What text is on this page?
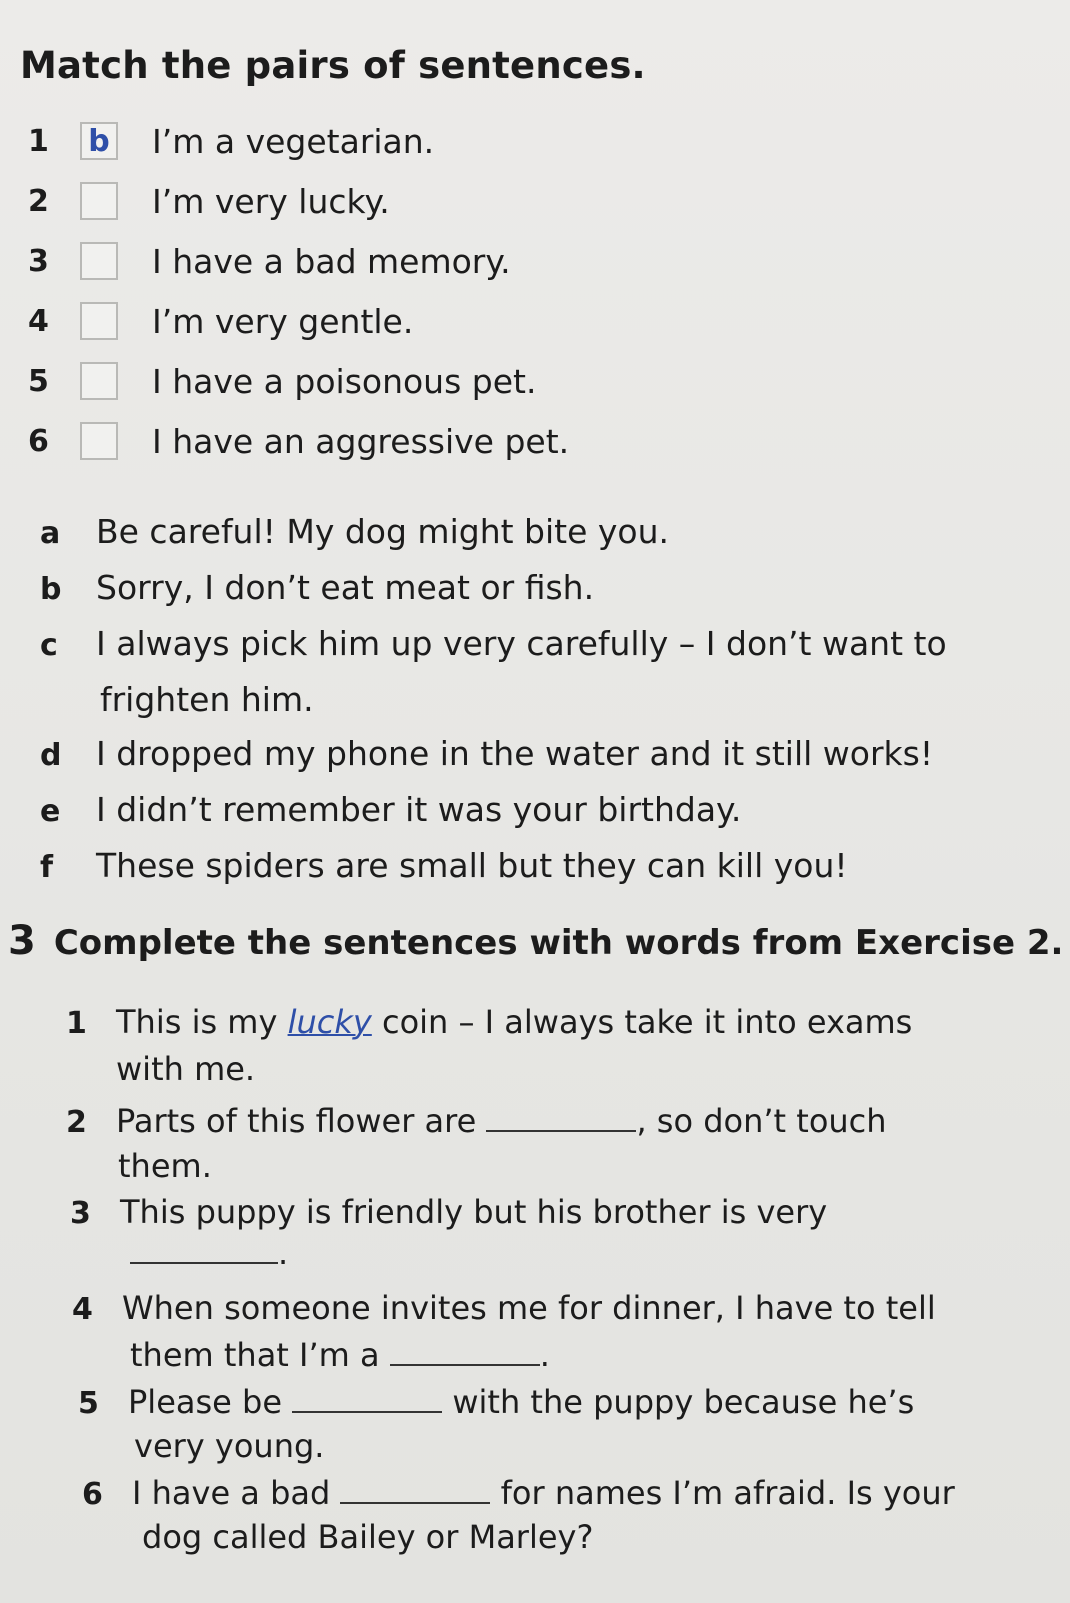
Match the pairs of sentences.
1	b I’m a vegetarian.
2	I’m very lucky.
3	I have a bad memory.
4	I’m very gentle.
5	I have a poisonous pet.
6	I have an aggressive pet.
a Be careful! My dog might bite you.
b Sorry, I don’t eat meat or fish.
c I always pick him up very carefully – I don’t want to
frighten him.
d I dropped my phone in the water and it still works!
e I didn’t remember it was your birthday.
f These spiders are small but they can kill you!
3 Complete the sentences with words from Exercise 2.
1 This is my lucky coin – I always take it into exams
with me.
2 Parts of this flower are	, so don’t touch
them.
3 This puppy is friendly but his brother is very
.
4 When someone invites me for dinner, I have to tell
them that I’m a	.
5 Please be	with the puppy because he’s
very young.
6 I have a bad	for names I’m afraid. Is your
dog called Bailey or Marley?
